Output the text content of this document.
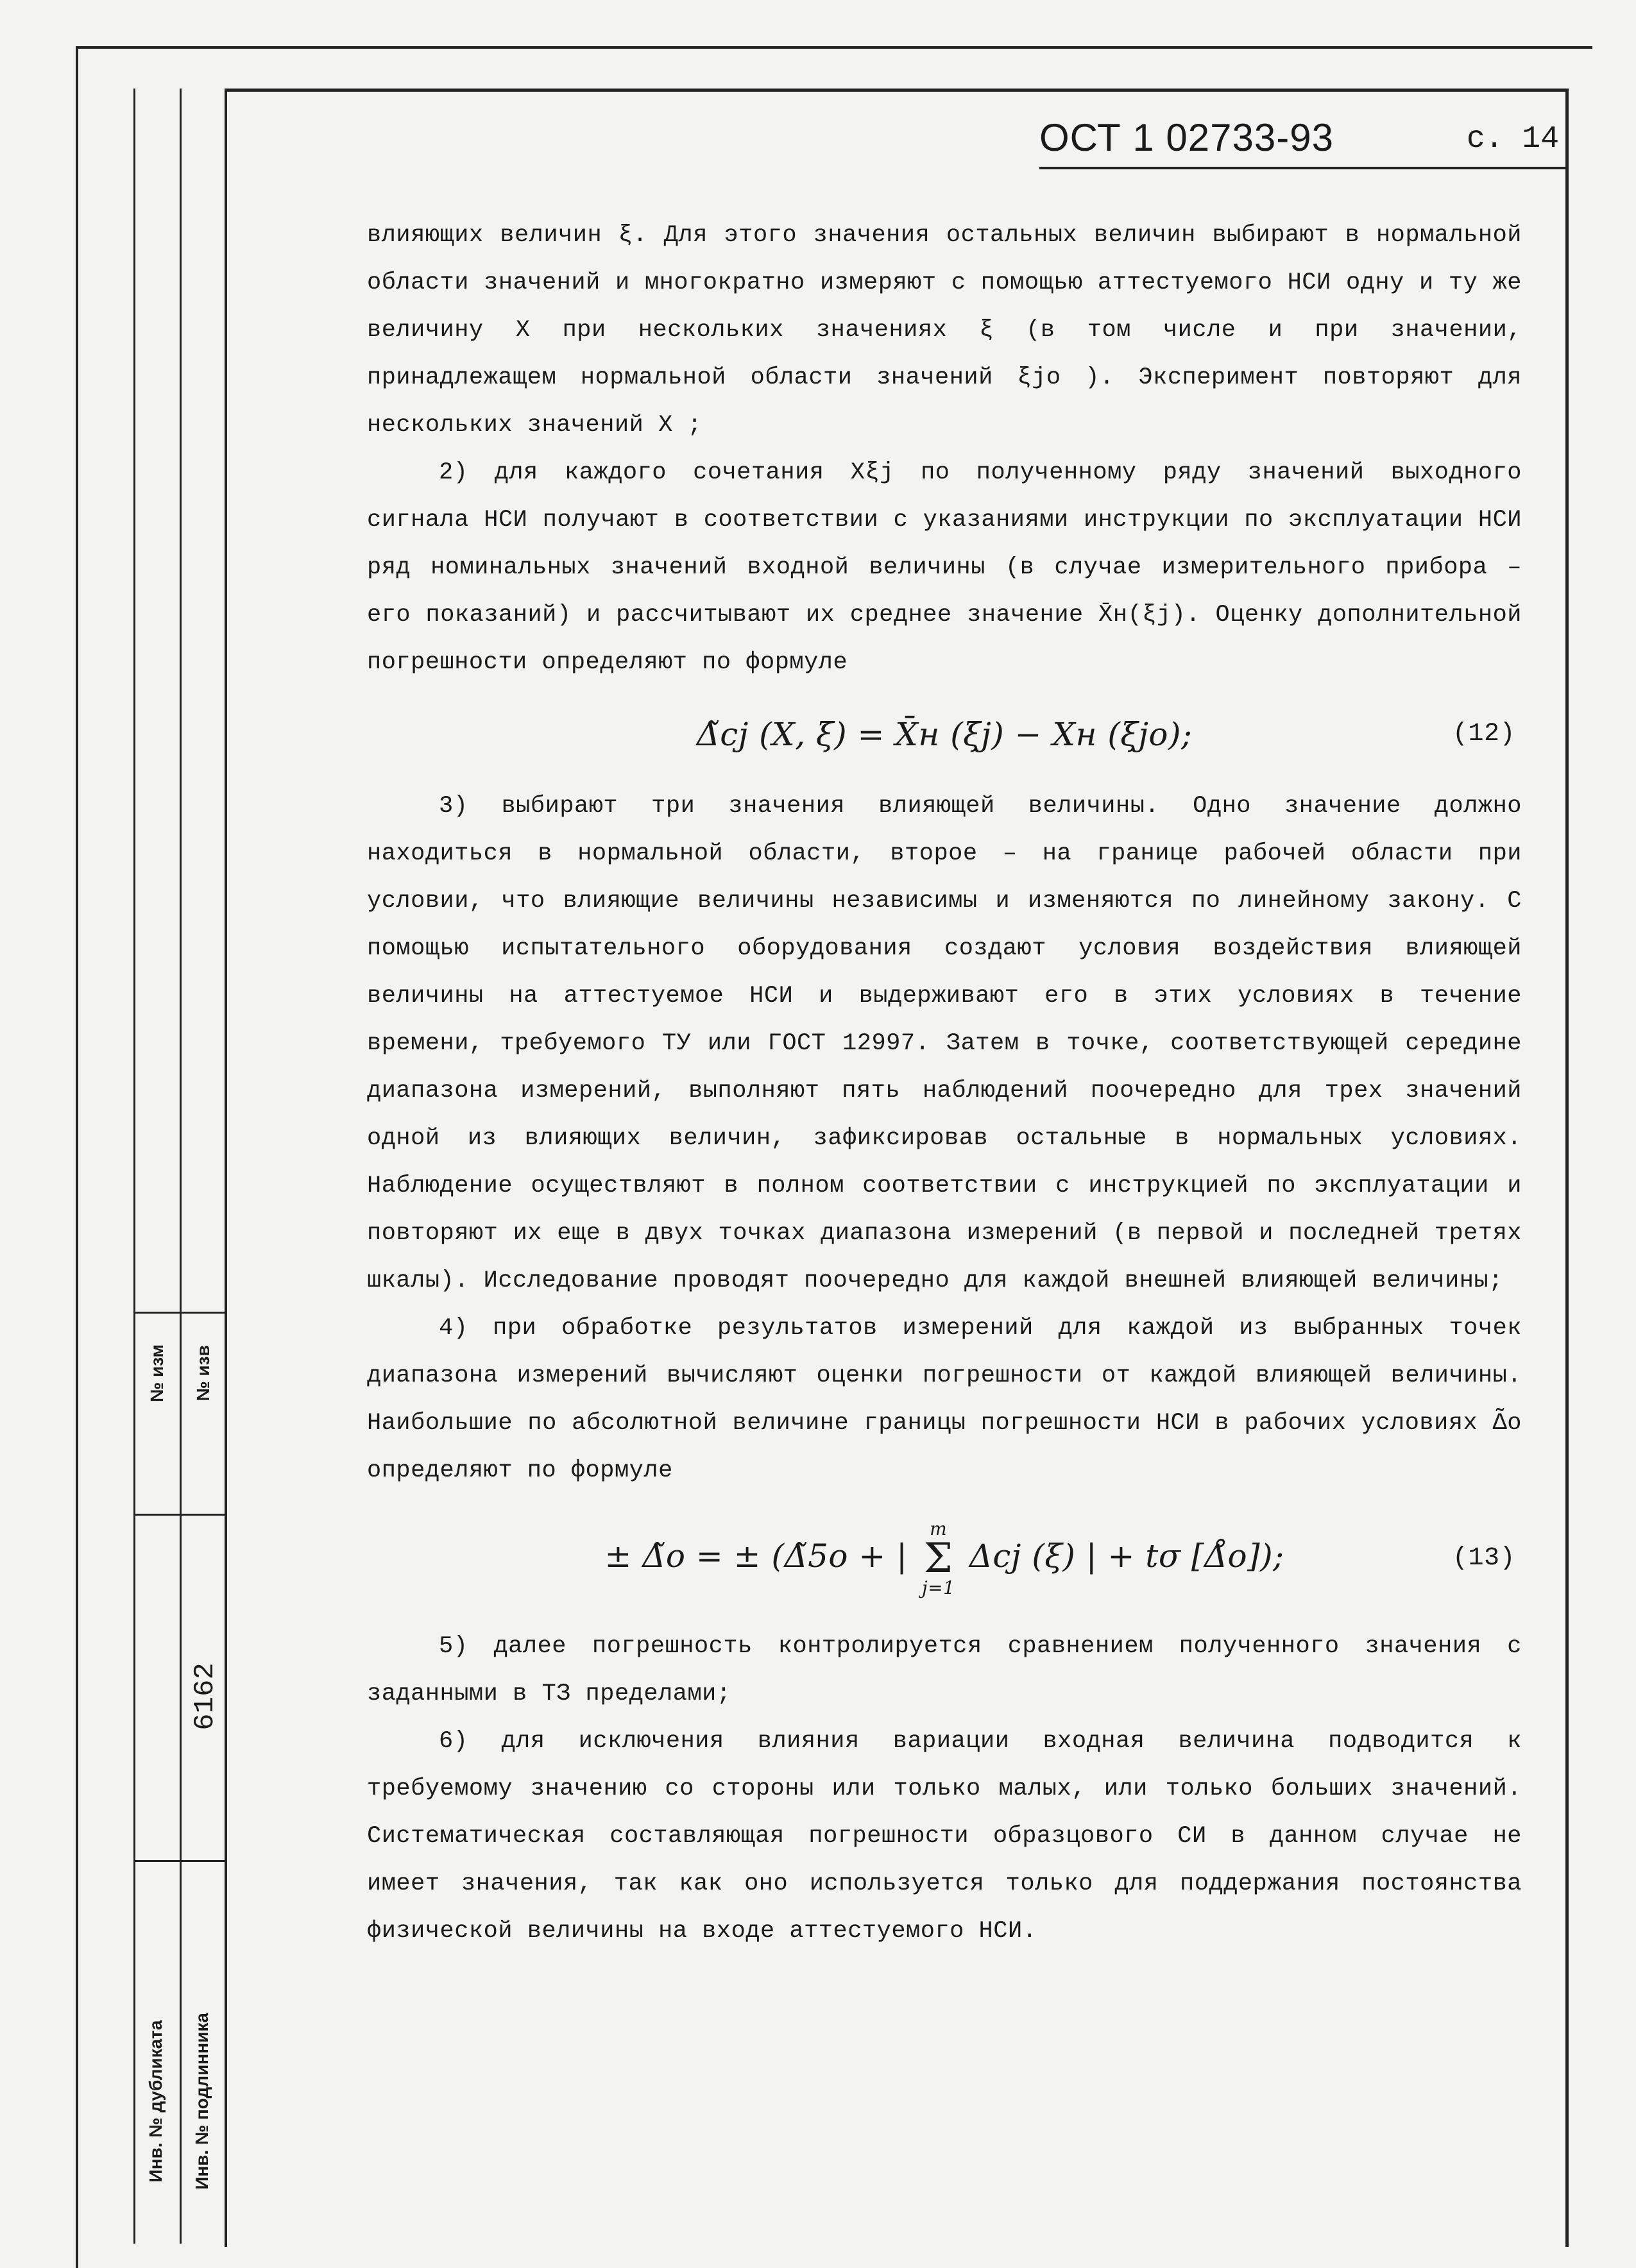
№ изм № изв
6162
Инв. № дубликата Инв. № подлинника
ОСТ 1 02733-93	с. 14

влияющих величин ξ. Для этого значения остальных величин выбирают в нормальной области значений и многократно измеряют с помощью аттестуемого НСИ одну и ту же величину X при нескольких значениях ξ (в том числе и при значении, принадлежащем нормальной области значений ξjo ). Эксперимент повторяют для нескольких значений X ;

2) для каждого сочетания Xξj по полученному ряду значений выходного сигнала НСИ получают в соответствии с указаниями инструкции по эксплуатации НСИ ряд номинальных значений входной величины (в случае измерительного прибора – его показаний) и рассчитывают их среднее значение X̄н(ξj). Оценку дополнительной погрешности определяют по формуле

Δ̃cj (X, ξ) = X̄н (ξj) − Xн (ξjo);	(12)

3) выбирают три значения влияющей величины. Одно значение должно находиться в нормальной области, второе – на границе рабочей области при условии, что влияющие величины независимы и изменяются по линейному закону. С помощью испытательного оборудования создают условия воздействия влияющей величины на аттестуемое НСИ и выдерживают его в этих условиях в течение времени, требуемого ТУ или ГОСТ 12997. Затем в точке, соответствующей середине диапазона измерений, выполняют пять наблюдений поочередно для трех значений одной из влияющих величин, зафиксировав остальные в нормальных условиях. Наблюдение осуществляют в полном соответствии с инструкцией по эксплуатации и повторяют их еще в двух точках диапазона измерений (в первой и последней третях шкалы). Исследование проводят поочередно для каждой внешней влияющей величины;

4) при обработке результатов измерений для каждой из выбранных точек диапазона измерений вычисляют оценки погрешности от каждой влияющей величины. Наибольшие по абсолютной величине границы погрешности НСИ в рабочих условиях Δ̃o определяют по формуле

± Δ̃o = ± (Δ̃5o + |
m
Σ
j=1
Δcj (ξ) | + tσ [Δ̊o]);	(13)

5) далее погрешность контролируется сравнением полученного значения с заданными в ТЗ пределами;

6) для исключения влияния вариации входная величина подводится к требуемому значению со стороны или только малых, или только больших значений. Систематическая составляющая погрешности образцового СИ в данном случае не имеет значения, так как оно используется только для поддержания постоянства физической величины на входе аттестуемого НСИ.
